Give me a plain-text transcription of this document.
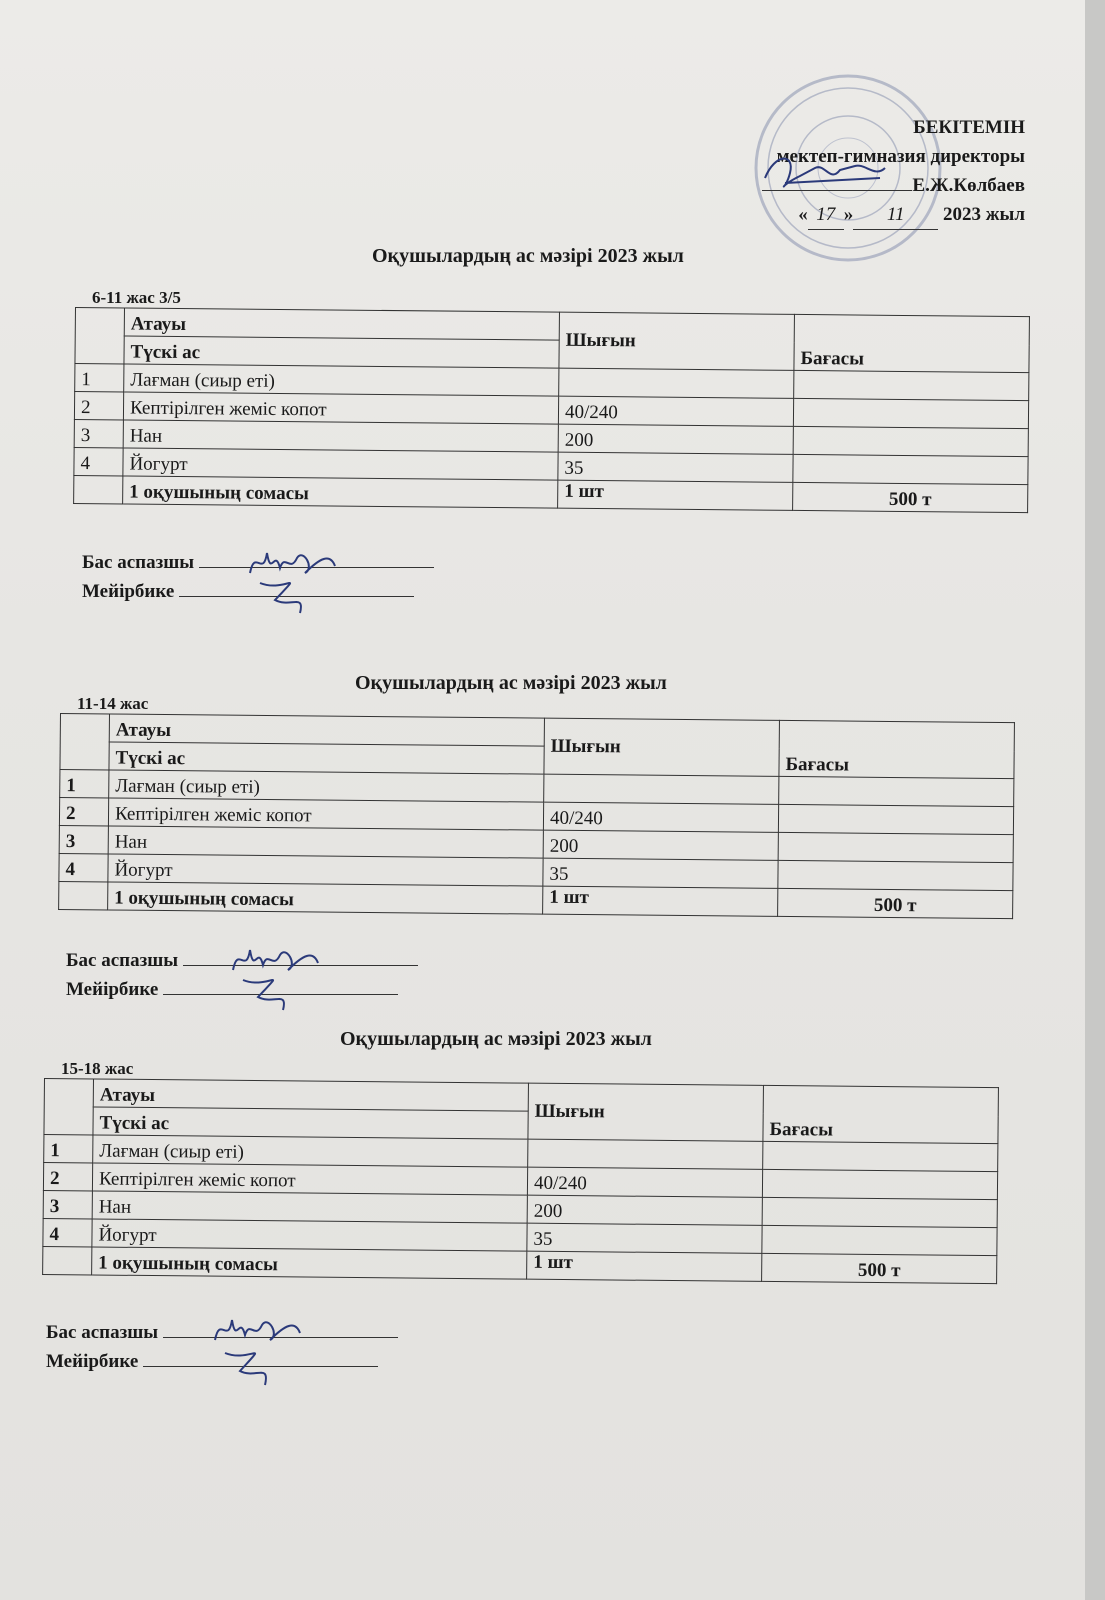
БЕКІТЕМІН
мектеп-гимназия директоры
Е.Ж.Көлбаев
« 17 » 11 2023 жыл
Оқушылардың ас мәзірі 2023 жыл
6-11 жас 3/5
	Атауы	Шығын	Бағасы
	Түскі ас		
1	Лағман (сиыр еті)		
2	Кептірілген жеміс копот	40/240	
3	Нан	200	
4	Йогурт	35	
	1 оқушының сомасы	1 шт	500 т
Бас аспазшы
Мейірбике
Оқушылардың ас мәзірі 2023 жыл
11-14 жас
	Атауы	Шығын	Бағасы
	Түскі ас		
1	Лағман (сиыр еті)		
2	Кептірілген жеміс копот	40/240	
3	Нан	200	
4	Йогурт	35	
	1 оқушының сомасы	1 шт	500 т
Бас аспазшы
Мейірбике
Оқушылардың ас мәзірі 2023 жыл
15-18 жас
	Атауы	Шығын	Бағасы
	Түскі ас		
1	Лағман (сиыр еті)		
2	Кептірілген жеміс копот	40/240	
3	Нан	200	
4	Йогурт	35	
	1 оқушының сомасы	1 шт	500 т
Бас аспазшы
Мейірбике
